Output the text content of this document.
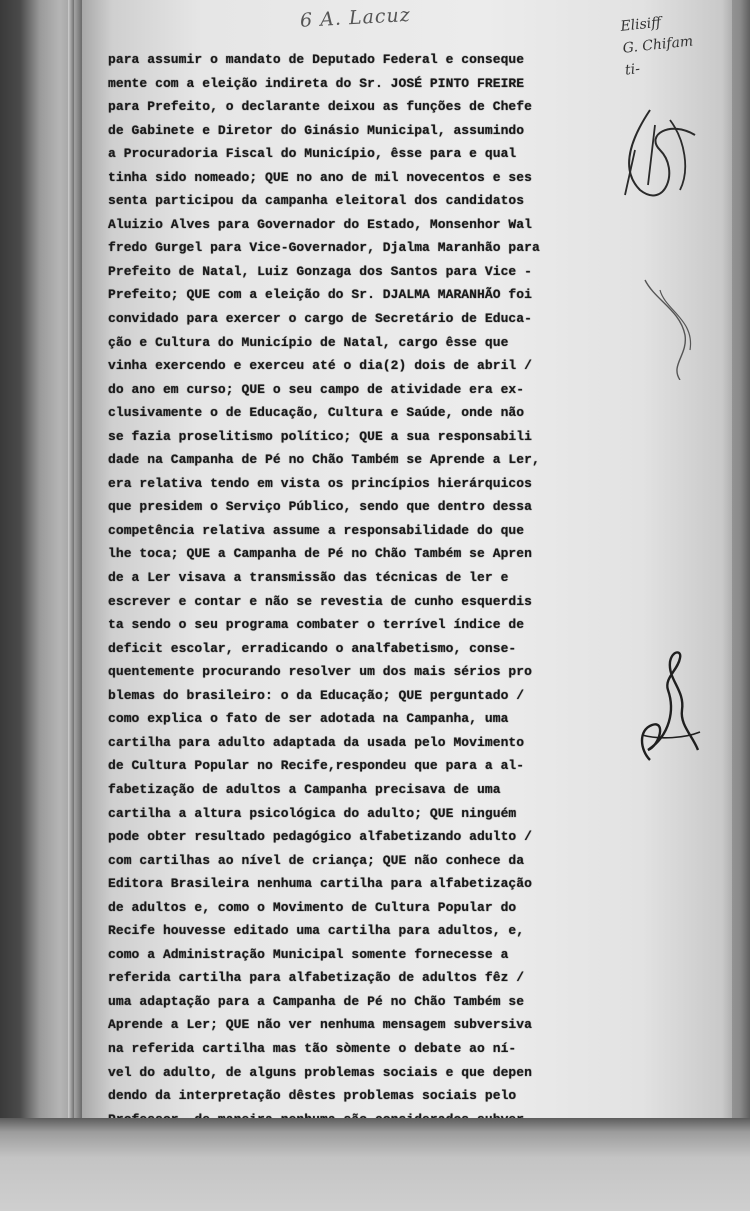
6 A. Lacuz	Elisiff
G. Chifam
ti-
para assumir o mandato de Deputado Federal e conseque
mente com a eleição indireta do Sr. JOSÉ PINTO FREIRE
para Prefeito, o declarante deixou as funções de Chefe
de Gabinete e Diretor do Ginásio Municipal, assumindo
a Procuradoria Fiscal do Município, êsse para e qual
tinha sido nomeado; QUE no ano de mil novecentos e ses
senta participou da campanha eleitoral dos candidatos
Aluizio Alves para Governador do Estado, Monsenhor Wal
fredo Gurgel para Vice-Governador, Djalma Maranhão para
Prefeito de Natal, Luiz Gonzaga dos Santos para Vice -
Prefeito; QUE com a eleição do Sr. DJALMA MARANHÃO foi
convidado para exercer o cargo de Secretário de Educa-
ção e Cultura do Município de Natal, cargo êsse que
vinha exercendo e exerceu até o dia(2) dois de abril /
do ano em curso; QUE o seu campo de atividade era ex-
clusivamente o de Educação, Cultura e Saúde, onde não
se fazia proselitismo político; QUE a sua responsabili
dade na Campanha de Pé no Chão Também se Aprende a Ler,
era relativa tendo em vista os princípios hierárquicos
que presidem o Serviço Público, sendo que dentro dessa
competência relativa assume a responsabilidade do que
lhe toca; QUE a Campanha de Pé no Chão Também se Apren
de a Ler visava a transmissão das técnicas de ler e
escrever e contar e não se revestia de cunho esquerdis
ta sendo o seu programa combater o terrível índice de
deficit escolar, erradicando o analfabetismo, conse-
quentemente procurando resolver um dos mais sérios pro
blemas do brasileiro: o da Educação; QUE perguntado /
como explica o fato de ser adotada na Campanha, uma
cartilha para adulto adaptada da usada pelo Movimento
de Cultura Popular no Recife,respondeu que para a al-
fabetização de adultos a Campanha precisava de uma
cartilha a altura psicológica do adulto; QUE ninguém
pode obter resultado pedagógico alfabetizando adulto /
com cartilhas ao nível de criança; QUE não conhece da
Editora Brasileira nenhuma cartilha para alfabetização
de adultos e, como o Movimento de Cultura Popular do
Recife houvesse editado uma cartilha para adultos, e,
como a Administração Municipal somente fornecesse a
referida cartilha para alfabetização de adultos fêz /
uma adaptação para a Campanha de Pé no Chão Também se
Aprende a Ler; QUE não ver nenhuma mensagem subversiva
na referida cartilha mas tão sòmente o debate ao ní-
vel do adulto, de alguns problemas sociais e que depen
dendo da interpretação dêstes problemas sociais pelo
